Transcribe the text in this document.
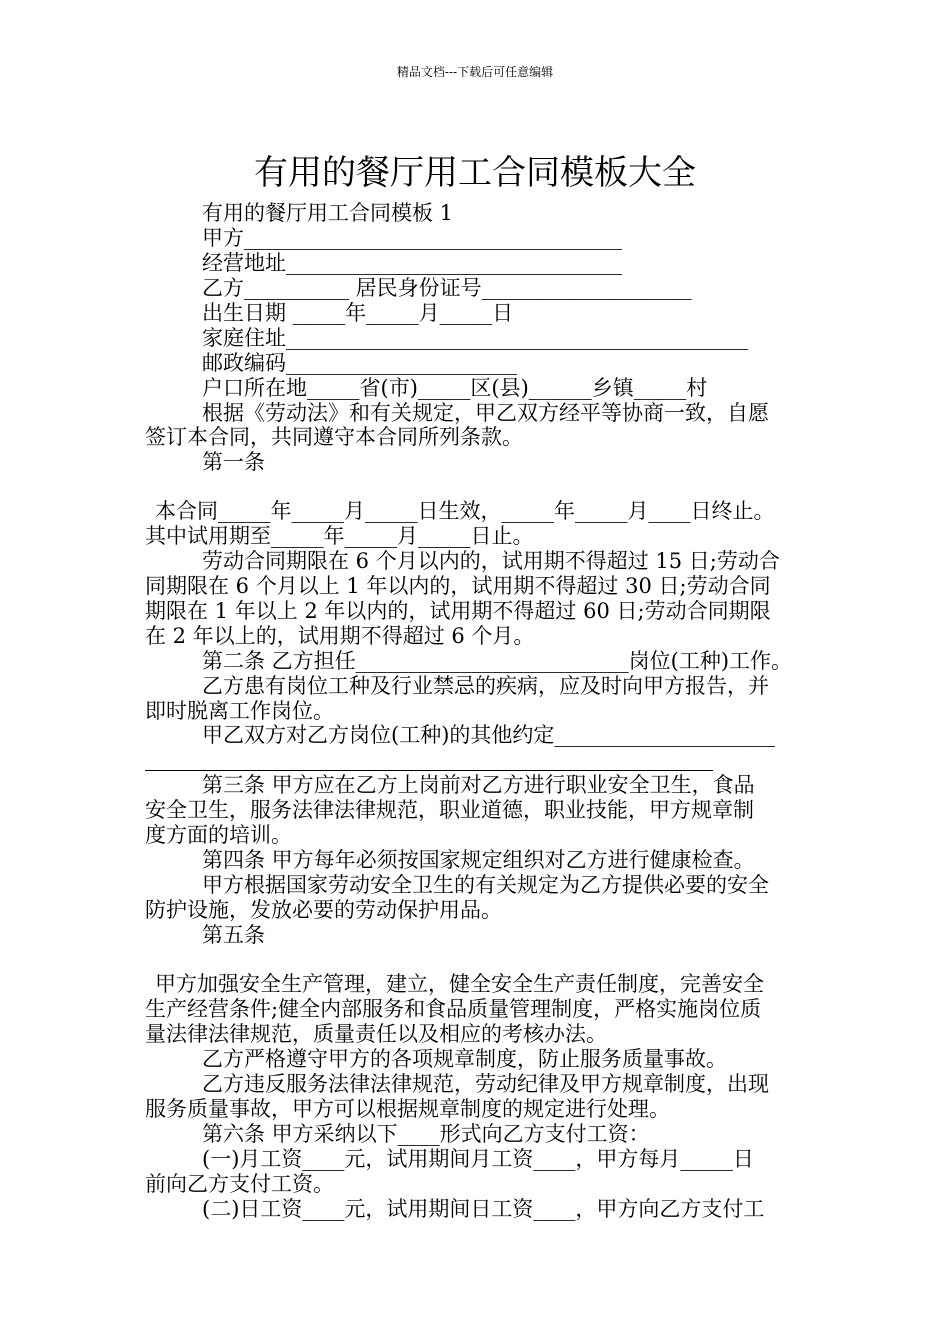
精品文档---下载后可任意编辑
有用的餐厅用工合同模板大全
有用的餐厅用工合同模板 1
甲方____________________________________
经营地址________________________________
乙方__________ 居民身份证号____________________
出生日期 _____年_____月_____日
家庭住址____________________________________________
邮政编码______________________
户口所在地_____省(市)_____区(县)______乡镇_____村
根据《劳动法》和有关规定，甲乙双方经平等协商一致，自愿
签订本合同，共同遵守本合同所列条款。
第一条
本合同_____年_____月_____日生效，_____年_____月____日终止。
其中试用期至_____年_____月_____日止。
劳动合同期限在 6 个月以内的，试用期不得超过 15 日;劳动合
同期限在 6 个月以上 1 年以内的，试用期不得超过 30 日;劳动合同
期限在 1 年以上 2 年以内的，试用期不得超过 60 日;劳动合同期限
在 2 年以上的，试用期不得超过 6 个月。
第二条 乙方担任__________________________岗位(工种)工作。
乙方患有岗位工种及行业禁忌的疾病，应及时向甲方报告，并
即时脱离工作岗位。
甲乙双方对乙方岗位(工种)的其他约定_____________________
第三条 甲方应在乙方上岗前对乙方进行职业安全卫生，食品
安全卫生，服务法律法律规范，职业道德，职业技能，甲方规章制
度方面的培训。
第四条 甲方每年必须按国家规定组织对乙方进行健康检查。
甲方根据国家劳动安全卫生的有关规定为乙方提供必要的安全
防护设施，发放必要的劳动保护用品。
第五条
甲方加强安全生产管理，建立，健全安全生产责任制度，完善安全
生产经营条件;健全内部服务和食品质量管理制度，严格实施岗位质
量法律法律规范，质量责任以及相应的考核办法。
乙方严格遵守甲方的各项规章制度，防止服务质量事故。
乙方违反服务法律法律规范，劳动纪律及甲方规章制度，出现
服务质量事故，甲方可以根据规章制度的规定进行处理。
第六条 甲方采纳以下____形式向乙方支付工资：
(一)月工资____元，试用期间月工资____，甲方每月_____日
前向乙方支付工资。
(二)日工资____元，试用期间日工资____，甲方向乙方支付工
